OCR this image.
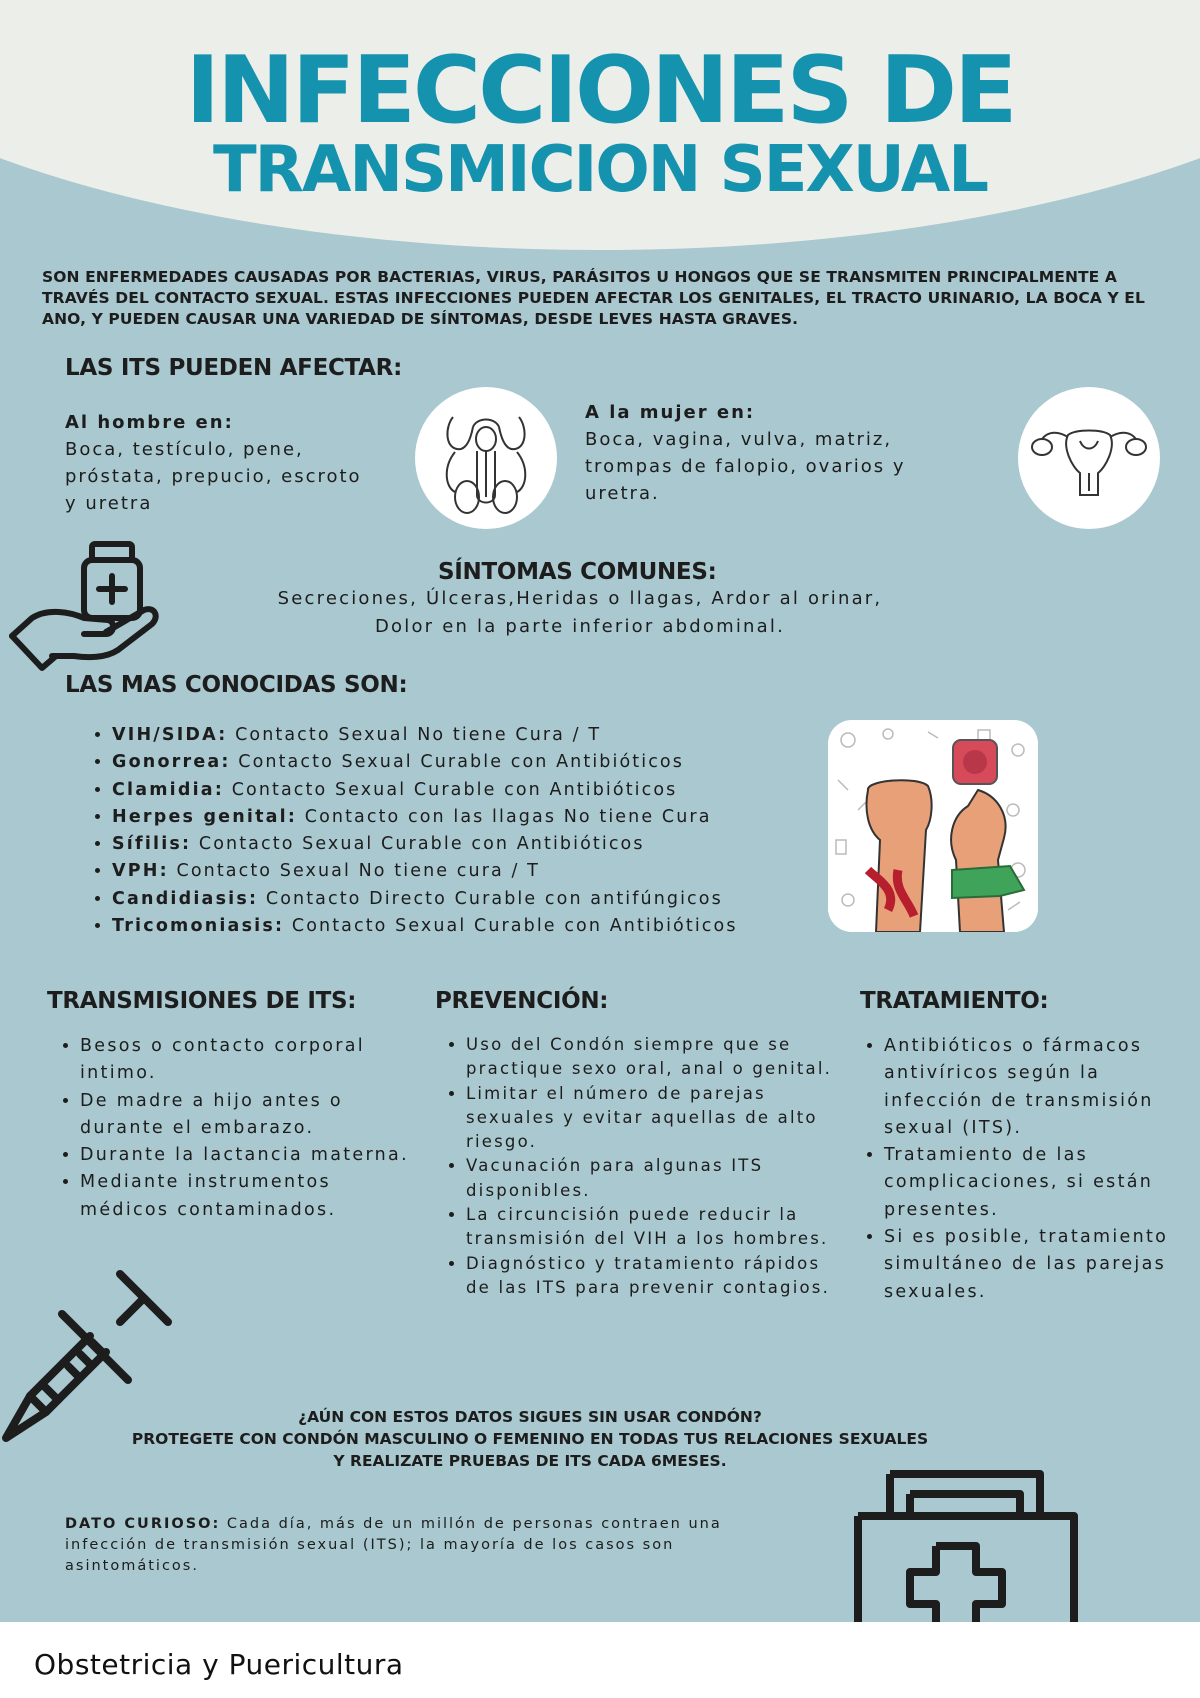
INFECCIONES DE
TRANSMICION SEXUAL
SON ENFERMEDADES CAUSADAS POR BACTERIAS, VIRUS, PARÁSITOS U HONGOS QUE SE TRANSMITEN PRINCIPALMENTE A TRAVÉS DEL CONTACTO SEXUAL. ESTAS INFECCIONES PUEDEN AFECTAR LOS GENITALES, EL TRACTO URINARIO, LA BOCA Y EL ANO, Y PUEDEN CAUSAR UNA VARIEDAD DE SÍNTOMAS, DESDE LEVES HASTA GRAVES.
LAS ITS PUEDEN AFECTAR:
Al hombre en:
Boca, testículo, pene, próstata, prepucio, escroto y uretra
A la mujer en:
Boca, vagina, vulva, matriz, trompas de falopio, ovarios y uretra.
SÍNTOMAS COMUNES:
Secreciones, Úlceras,Heridas o llagas, Ardor al orinar, Dolor en la parte inferior abdominal.
LAS MAS CONOCIDAS SON:
• VIH/SIDA: Contacto Sexual No tiene Cura / T
• Gonorrea: Contacto Sexual Curable con Antibióticos
• Clamidia: Contacto Sexual Curable con Antibióticos
• Herpes genital: Contacto con las llagas No tiene Cura
• Sífilis: Contacto Sexual Curable con Antibióticos
• VPH: Contacto Sexual No tiene cura / T
• Candidiasis: Contacto Directo Curable con antifúngicos
• Tricomoniasis: Contacto Sexual Curable con Antibióticos
TRANSMISIONES DE ITS:
• Besos o contacto corporal intimo.
• De madre a hijo antes o durante el embarazo.
• Durante la lactancia materna.
• Mediante instrumentos médicos contaminados.
PREVENCIÓN:
• Uso del Condón siempre que se practique sexo oral, anal o genital.
• Limitar el número de parejas sexuales y evitar aquellas de alto riesgo.
• Vacunación para algunas ITS disponibles.
• La circuncisión puede reducir la transmisión del VIH a los hombres.
• Diagnóstico y tratamiento rápidos de las ITS para prevenir contagios.
TRATAMIENTO:
• Antibióticos o fármacos antivíricos según la infección de transmisión sexual (ITS).
• Tratamiento de las complicaciones, si están presentes.
• Si es posible, tratamiento simultáneo de las parejas sexuales.
¿AÚN CON ESTOS DATOS SIGUES SIN USAR CONDÓN?
PROTEGETE CON CONDÓN MASCULINO O FEMENINO EN TODAS TUS RELACIONES SEXUALES
Y REALIZATE PRUEBAS DE ITS CADA 6MESES.
DATO CURIOSO: Cada día, más de un millón de personas contraen una infección de transmisión sexual (ITS); la mayoría de los casos son asintomáticos.
Obstetricia y Puericultura
